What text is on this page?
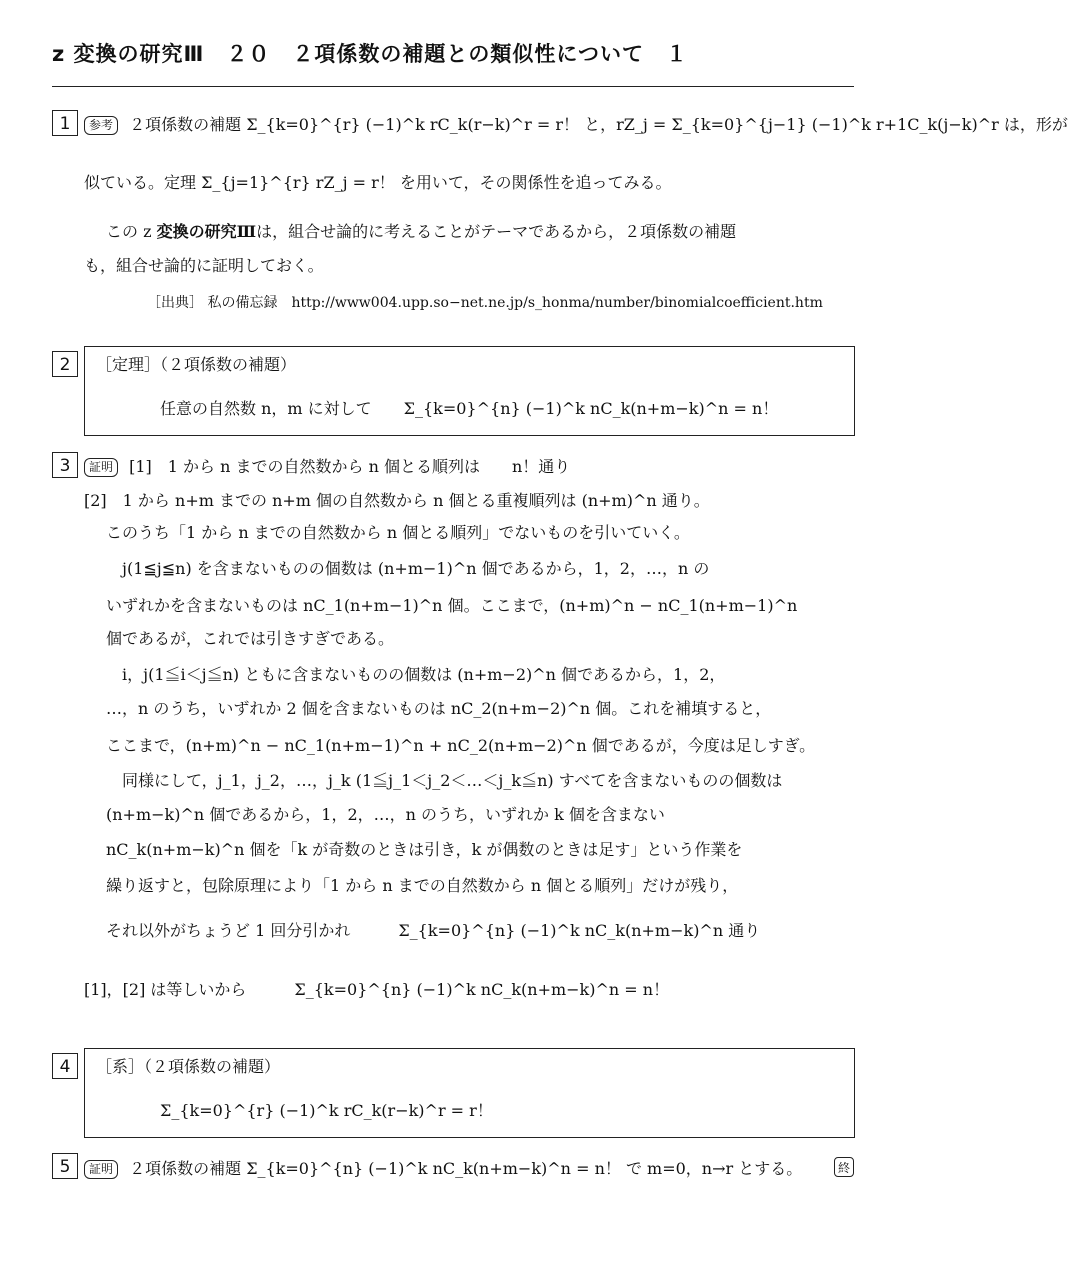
z 変換の研究Ⅲ　２０　２項係数の補題との類似性について　１
1	参考 ２項係数の補題 Σ_{k=0}^{r} (−1)^k rC_k(r−k)^r = r！ と，rZ_j = Σ_{k=0}^{j−1} (−1)^k r+1C_k(j−k)^r は，形が
似ている。定理 Σ_{j=1}^{r} rZ_j = r！ を用いて，その関係性を追ってみる。
この z 変換の研究Ⅲは，組合せ論的に考えることがテーマであるから，２項係数の補題
も，組合せ論的に証明しておく。
［出典］ 私の備忘録　 http://www004.upp.so−net.ne.jp/s_honma/number/binomialcoefficient.htm
2	［定理］（２項係数の補題）
任意の自然数 n，m に対して　　Σ_{k=0}^{n} (−1)^k nC_k(n+m−k)^n = n！
3	証明 [1]　1 から n までの自然数から n 個とる順列は　　n！通り
[2]　1 から n+m までの n+m 個の自然数から n 個とる重複順列は (n+m)^n 通り。
このうち「1 から n までの自然数から n 個とる順列」でないものを引いていく。
j(1≦j≦n) を含まないものの個数は (n+m−1)^n 個であるから，1，2，…，n の
いずれかを含まないものは nC_1(n+m−1)^n 個。ここまで，(n+m)^n − nC_1(n+m−1)^n
個であるが，これでは引きすぎである。
i，j(1≦i＜j≦n) ともに含まないものの個数は (n+m−2)^n 個であるから，1，2，
…，n のうち，いずれか 2 個を含まないものは nC_2(n+m−2)^n 個。これを補填すると，
ここまで，(n+m)^n − nC_1(n+m−1)^n + nC_2(n+m−2)^n 個であるが，今度は足しすぎ。
同様にして，j_1，j_2，…，j_k (1≦j_1＜j_2＜…＜j_k≦n) すべてを含まないものの個数は
(n+m−k)^n 個であるから，1，2，…，n のうち，いずれか k 個を含まない
nC_k(n+m−k)^n 個を「k が奇数のときは引き，k が偶数のときは足す」という作業を
繰り返すと，包除原理により「1 から n までの自然数から n 個とる順列」だけが残り，
それ以外がちょうど 1 回分引かれ　　　Σ_{k=0}^{n} (−1)^k nC_k(n+m−k)^n 通り
[1]，[2] は等しいから　　　Σ_{k=0}^{n} (−1)^k nC_k(n+m−k)^n = n！
4	［系］（２項係数の補題）
Σ_{k=0}^{r} (−1)^k rC_k(r−k)^r = r！
5	証明 ２項係数の補題 Σ_{k=0}^{n} (−1)^k nC_k(n+m−k)^n = n！ で m=0，n→r とする。	終
